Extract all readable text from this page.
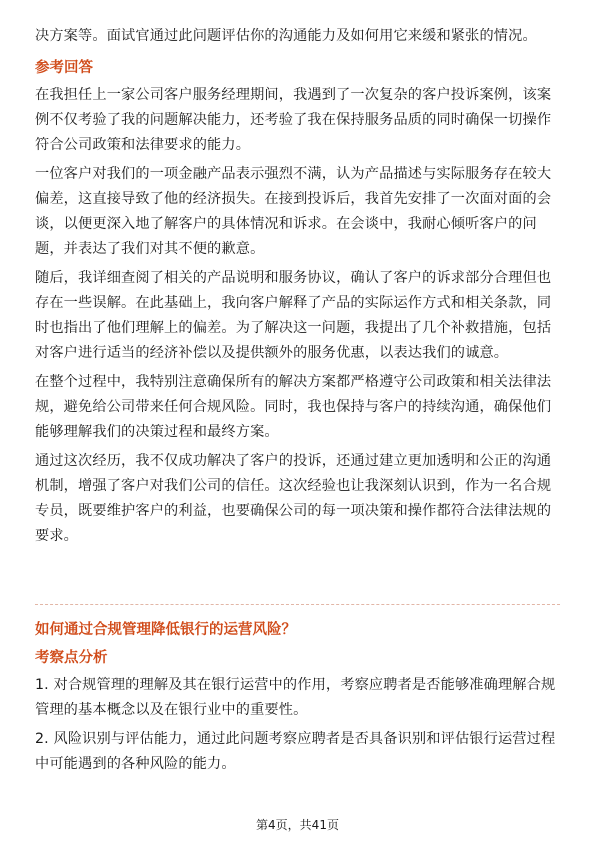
决方案等。面试官通过此问题评估你的沟通能力及如何用它来缓和紧张的情况。

参考回答

在我担任上一家公司客户服务经理期间，我遇到了一次复杂的客户投诉案例，该案例不仅考验了我的问题解决能力，还考验了我在保持服务品质的同时确保一切操作符合公司政策和法律要求的能力。

一位客户对我们的一项金融产品表示强烈不满，认为产品描述与实际服务存在较大偏差，这直接导致了他的经济损失。在接到投诉后，我首先安排了一次面对面的会谈，以便更深入地了解客户的具体情况和诉求。在会谈中，我耐心倾听客户的问题，并表达了我们对其不便的歉意。

随后，我详细查阅了相关的产品说明和服务协议，确认了客户的诉求部分合理但也存在一些误解。在此基础上，我向客户解释了产品的实际运作方式和相关条款，同时也指出了他们理解上的偏差。为了解决这一问题，我提出了几个补救措施，包括对客户进行适当的经济补偿以及提供额外的服务优惠，以表达我们的诚意。

在整个过程中，我特别注意确保所有的解决方案都严格遵守公司政策和相关法律法规，避免给公司带来任何合规风险。同时，我也保持与客户的持续沟通，确保他们能够理解我们的决策过程和最终方案。

通过这次经历，我不仅成功解决了客户的投诉，还通过建立更加透明和公正的沟通机制，增强了客户对我们公司的信任。这次经验也让我深刻认识到，作为一名合规专员，既要维护客户的利益，也要确保公司的每一项决策和操作都符合法律法规的要求。

如何通过合规管理降低银行的运营风险？
考察点分析

1. 对合规管理的理解及其在银行运营中的作用，考察应聘者是否能够准确理解合规管理的基本概念以及在银行业中的重要性。

2. 风险识别与评估能力，通过此问题考察应聘者是否具备识别和评估银行运营过程中可能遇到的各种风险的能力。

第4页，共41页
